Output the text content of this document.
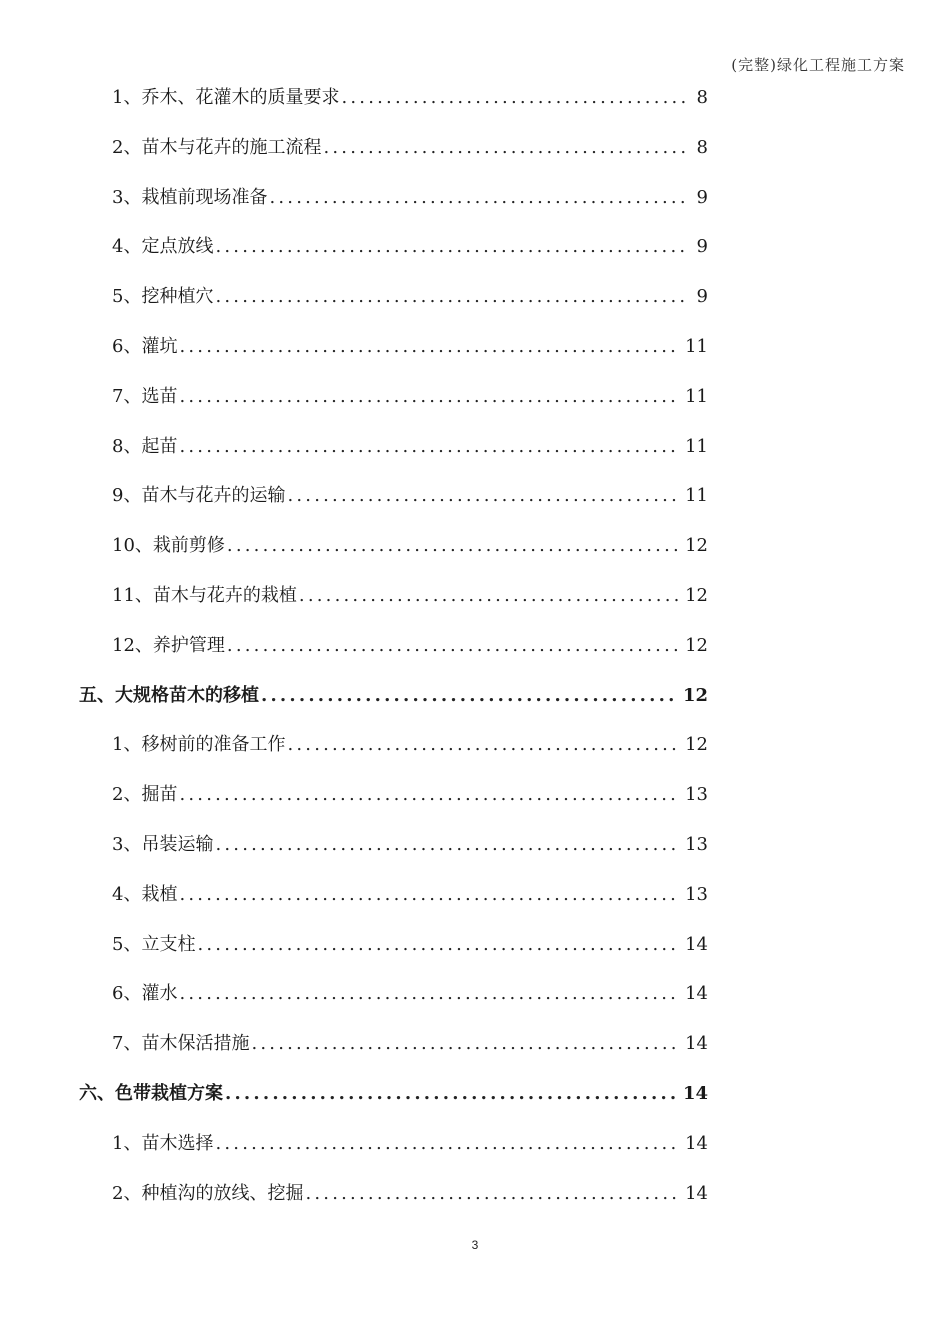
(完整)绿化工程施工方案
1、乔木、花灌木的质量要求 .....	8
2、苗木与花卉的施工流程 .....	8
3、栽植前现场准备 .....	9
4、定点放线 .....	9
5、挖种植穴 .....	9
6、灌坑 .....	11
7、选苗 .....	11
8、起苗 .....	11
9、苗木与花卉的运输 .....	11
10、栽前剪修 .....	12
11、苗木与花卉的栽植 .....	12
12、养护管理 .....	12
五、大规格苗木的移植 .....	12
1、移树前的准备工作 .....	12
2、掘苗 .....	13
3、吊装运输 .....	13
4、栽植 .....	13
5、立支柱 .....	14
6、灌水 .....	14
7、苗木保活措施 .....	14
六、色带栽植方案 .....	14
1、苗木选择 .....	14
2、种植沟的放线、挖掘 .....	14
3
